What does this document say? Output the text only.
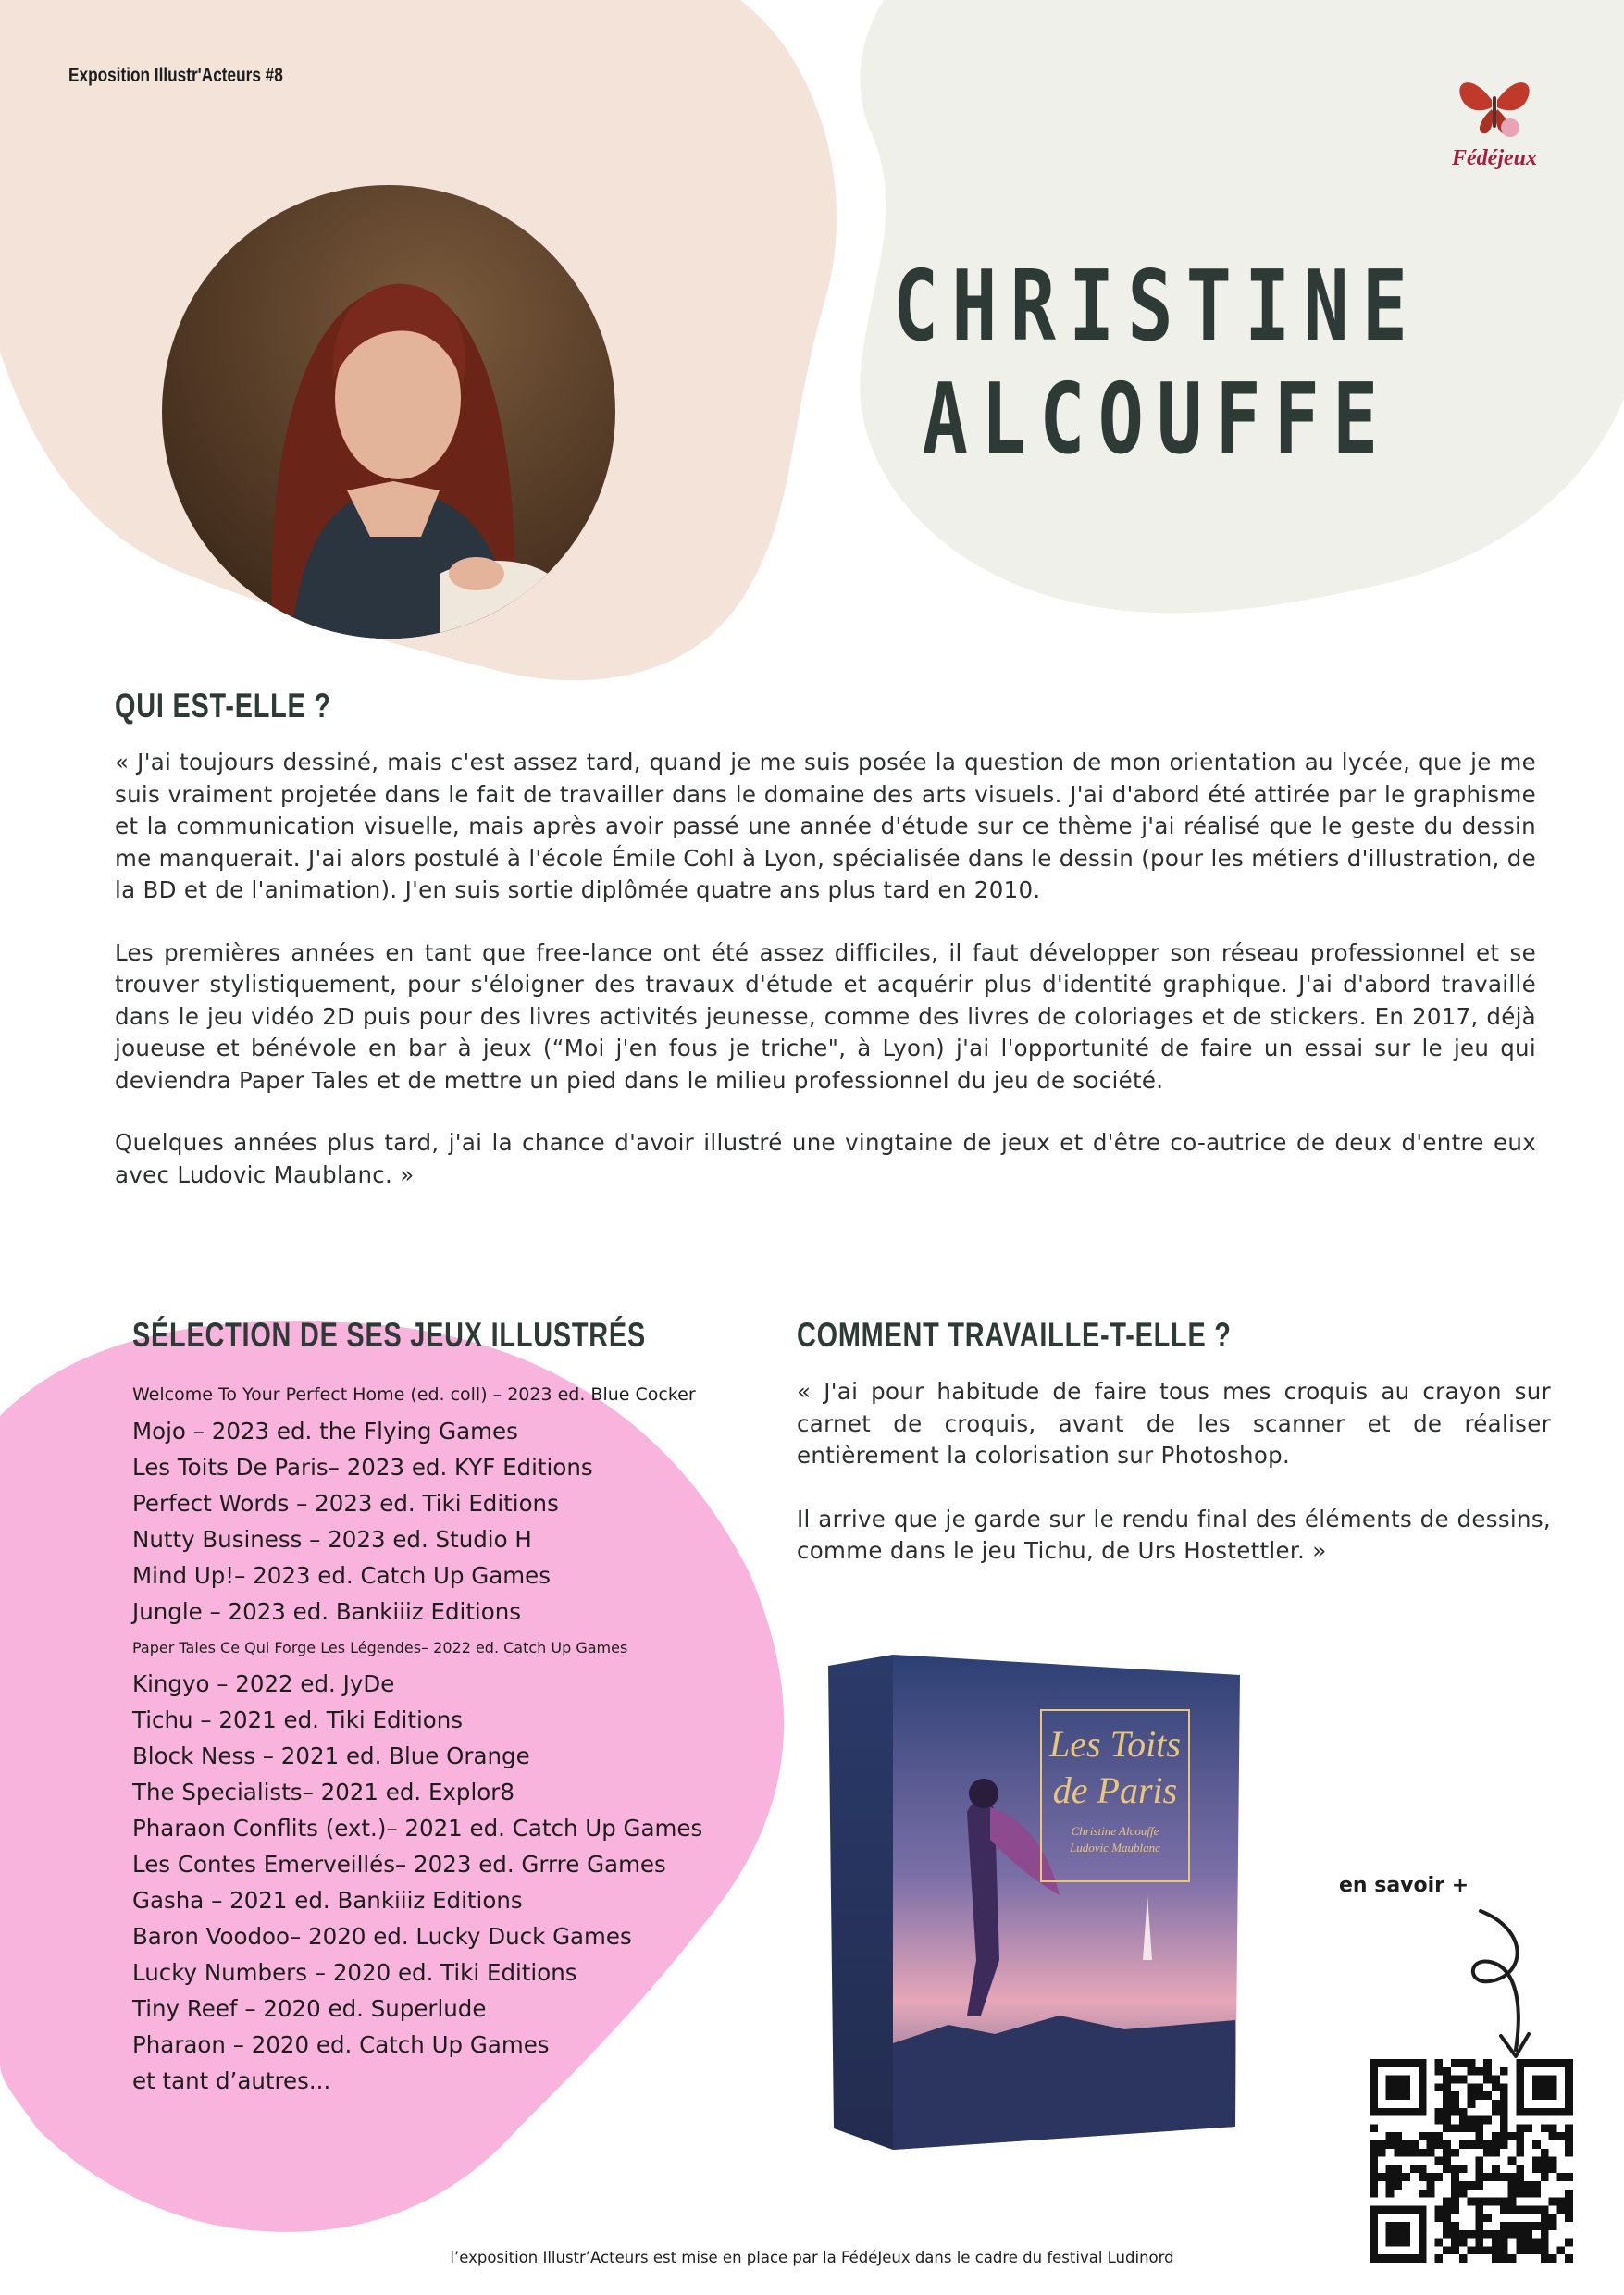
Exposition Illustr'Acteurs #8

Fédéjeux
CHRISTINE
ALCOUFFE
QUI EST-ELLE ?

« J'ai toujours dessiné, mais c'est assez tard, quand je me suis posée la question de mon orientation au lycée, que je me suis vraiment projetée dans le fait de travailler dans le domaine des arts visuels. J'ai d'abord été attirée par le graphisme et la communication visuelle, mais après avoir passé une année d'étude sur ce thème j'ai réalisé que le geste du dessin me manquerait. J'ai alors postulé à l'école Émile Cohl à Lyon, spécialisée dans le dessin (pour les métiers d'illustration, de la BD et de l'animation). J'en suis sortie diplômée quatre ans plus tard en 2010.

Les premières années en tant que free-lance ont été assez difficiles, il faut développer son réseau professionnel et se trouver stylistiquement, pour s'éloigner des travaux d'étude et acquérir plus d'identité graphique. J'ai d'abord travaillé dans le jeu vidéo 2D puis pour des livres activités jeunesse, comme des livres de coloriages et de stickers. En 2017, déjà joueuse et bénévole en bar à jeux (“Moi j'en fous je triche", à Lyon) j'ai l'opportunité de faire un essai sur le jeu qui deviendra Paper Tales et de mettre un pied dans le milieu professionnel du jeu de société.

Quelques années plus tard, j'ai la chance d'avoir illustré une vingtaine de jeux et d'être co-autrice de deux d'entre eux avec Ludovic Maublanc. »

SÉLECTION DE SES JEUX ILLUSTRÉS
Welcome To Your Perfect Home (ed. coll) – 2023 ed. Blue Cocker
Mojo – 2023 ed. the Flying Games
Les Toits De Paris– 2023 ed. KYF Editions
Perfect Words – 2023 ed. Tiki Editions
Nutty Business – 2023 ed. Studio H
Mind Up!– 2023 ed. Catch Up Games
Jungle – 2023 ed. Bankiiiz Editions
Paper Tales Ce Qui Forge Les Légendes– 2022 ed. Catch Up Games
Kingyo – 2022 ed. JyDe
Tichu – 2021 ed. Tiki Editions
Block Ness – 2021 ed. Blue Orange
The Specialists– 2021 ed. Explor8
Pharaon Conflits (ext.)– 2021 ed. Catch Up Games
Les Contes Emerveillés– 2023 ed. Grrre Games
Gasha – 2021 ed. Bankiiiz Editions
Baron Voodoo– 2020 ed. Lucky Duck Games
Lucky Numbers – 2020 ed. Tiki Editions
Tiny Reef – 2020 ed. Superlude
Pharaon – 2020 ed. Catch Up Games
et tant d’autres...
COMMENT TRAVAILLE-T-ELLE ?

« J'ai pour habitude de faire tous mes croquis au crayon sur carnet de croquis, avant de les scanner et de réaliser entièrement la colorisation sur Photoshop.

Il arrive que je garde sur le rendu final des éléments de dessins, comme dans le jeu Tichu, de Urs Hostettler. »

Les Toits
de Paris
Christine Alcouffe
Ludovic Maublanc

en savoir +

l’exposition Illustr’Acteurs est mise en place par la FédéJeux dans le cadre du festival Ludinord
